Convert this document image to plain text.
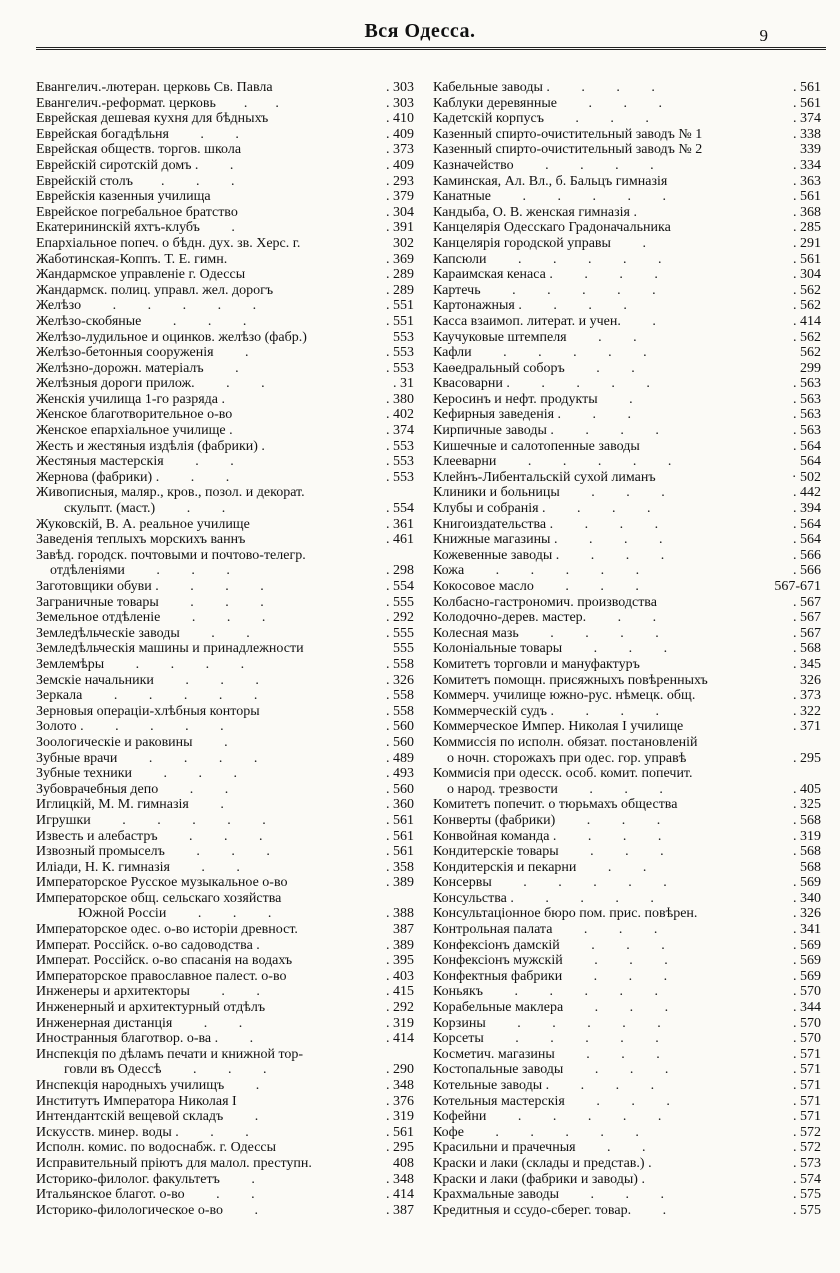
Вся Одесса.	9
Евангелич.-лютеран. церковь Св. Павла	. 303
Евангелич.-реформат. церковь        .        .	. 303
Еврейская дешевая кухня для бѣдныхъ	. 410
Еврейская богадѣльня         .         .	. 409
Еврейская обществ. торгов. школа	. 373
Еврейскій сиротскій домъ .         .	. 409
Еврейскій столъ        .         .         .	. 293
Еврейскія казенныя училища	. 379
Еврейское погребальное братство	. 304
Екатерининскій яхтъ-клубъ         .	. 391
Епархіальное попеч. о бѣдн. дух. зв. Херс. г.	302
Жаботинская-Коппъ. Т. Е. гимн.	. 369
Жандармское управленіе г. Одессы	. 289
Жандармск. полиц. управл. жел. дорогъ	. 289
Желѣзо         .         .         .         .         .	. 551
Желѣзо-скобяные         .         .         .	. 551
Желѣзо-лудильное и оцинков. желѣзо (фабр.)	553
Желѣзо-бетонныя сооруженія         .	. 553
Желѣзно-дорожн. матеріалъ         .	. 553
Желѣзныя дороги прилож.         .         .	. 31
Женскія училища 1-го разряда .	. 380
Женское благотворительное о-во	. 402
Женское епархіальное училище .	. 374
Жесть и жестяныя издѣлія (фабрики) .	. 553
Жестяныя мастерскія         .         .	. 553
Жернова (фабрики) .         .         .	. 553
Живописныя, маляр., кров., позол. и декорат.
скульпт. (маст.)         .         .	. 554
Жуковскій, В. А. реальное училище	. 361
Заведенія теплыхъ морскихъ ваннъ	. 461
Завѣд. городск. почтовыми и почтово-телегр.
отдѣленіями         .         .         .	. 298
Заготовщики обуви .         .         .         .	. 554
Заграничные товары         .         .         .	. 555
Земельное отдѣленіе         .         .         .	. 292
Земледѣльческіе заводы         .         .	. 555
Земледѣльческія машины и принадлежности	555
Землемѣры         .         .         .         .	. 558
Земскіе начальники         .         .         .	. 326
Зеркала         .         .         .         .         .	. 558
Зерновыя операціи-хлѣбныя конторы	. 558
Золото .         .         .         .         .	. 560
Зоологическіе и раковины         .	. 560
Зубные врачи         .         .         .         .	. 489
Зубные техники         .         .         .	. 493
Зубоврачебныя депо         .         .	. 560
Иглицкій, М. М. гимназія         .	. 360
Игрушки         .         .         .         .         .	. 561
Известь и алебастръ         .         .         .	. 561
Извозный промыселъ         .         .         .	. 561
Иліади, Н. К. гимназія         .         .	. 358
Императорское Русское музыкальное о-во	. 389
Императорское общ. сельскаго хозяйства
Южной Россіи         .         .         .	. 388
Императорское одес. о-во исторіи древност.	387
Императ. Россійск. о-во садоводства .	. 389
Императ. Россійск. о-во спасанія на водахъ	. 395
Императорское православное палест. о-во	. 403
Инженеры и архитекторы         .         .	. 415
Инженерный и архитектурный отдѣлъ	. 292
Инженерная дистанція         .         .	. 319
Иностранныя благотвор. о-ва .         .	. 414
Инспекція по дѣламъ печати и книжной тор-
говли въ Одессѣ         .         .         .	. 290
Инспекція народныхъ училищъ         .	. 348
Институтъ Императора Николая І	. 376
Интендантскій вещевой складъ         .	. 319
Искусств. минер. воды .         .         .	. 561
Исполн. комис. по водоснабж. г. Одессы	. 295
Исправительный пріютъ для малол. преступн.	408
Историко-филолог. факультетъ         .	. 348
Итальянское благот. о-во         .         .	. 414
Историко-филологическое о-во         .	. 387
Кабельные заводы .         .         .         .	. 561
Каблуки деревянные         .         .         .	. 561
Кадетскій корпусъ         .         .         .	. 374
Казенный спирто-очистительный заводъ № 1	. 338
Казенный спирто-очистительный заводъ № 2	339
Казначейство         .         .         .         .	. 334
Каминская, Ал. Вл., б. Бальцъ гимназія	. 363
Канатные         .         .         .         .         .	. 561
Кандыба, О. В. женская гимназія .	. 368
Канцелярія Одесскаго Градоначальника	. 285
Канцелярія городской управы         .	. 291
Капсюли         .         .         .         .         .	. 561
Караимская кенаса .         .         .         .	. 304
Картечь         .         .         .         .         .	. 562
Картонажныя .         .         .         .	. 562
Касса взаимоп. литерат. и учен.         .	. 414
Каучуковые штемпеля         .         .	. 562
Кафли         .         .         .         .         .	562
Каѳедральный соборъ         .         .	299
Квасоварни .         .         .         .         .	. 563
Керосинъ и нефт. продукты         .	. 563
Кефирныя заведенія .         .         .	. 563
Кирпичные заводы .         .         .         .	. 563
Кишечные и салотопенные заводы	. 564
Клееварни         .         .         .         .         .	564
Клейнъ-Либентальскій сухой лиманъ	· 502
Клиники и больницы         .         .         .	. 442
Клубы и собранія .         .         .         .	. 394
Книгоиздательства .         .         .         .	. 564
Книжные магазины .         .         .         .	. 564
Кожевенные заводы .         .         .         .	. 566
Кожа         .         .         .         .         .	. 566
Кокосовое масло         .         .         .	567-671
Колбасно-гастрономич. производства	. 567
Колодочно-дерев. мастер.         .         .	. 567
Колесная мазь         .         .         .         .	. 567
Колоніальные товары         .         .         .	. 568
Комитетъ торговли и мануфактуръ	. 345
Комитетъ помощн. присяжныхъ повѣренныхъ	326
Коммерч. училище южно-рус. нѣмецк. общ.	. 373
Коммерческій судъ .         .         .         .	. 322
Коммерческое Импер. Николая І училище	. 371
Коммиссія по исполн. обязат. постановленій
о ночн. сторожахъ при одес. гор. управѣ	. 295
Коммисія при одесск. особ. комит. попечит.
о народ. трезвости         .         .         .	. 405
Комитетъ попечит. о тюрьмахъ общества	. 325
Конверты (фабрики)         .         .         .	. 568
Конвойная команда .         .         .         .	. 319
Кондитерскіе товары         .         .         .	. 568
Кондитерскія и пекарни         .         .	568
Консервы         .         .         .         .         .	. 569
Консульства .         .         .         .         .	. 340
Консультаціонное бюро пом. прис. повѣрен.	. 326
Контрольная палата         .         .         .	. 341
Конфексіонъ дамскій         .         .         .	. 569
Конфексіонъ мужскій         .         .         .	. 569
Конфектныя фабрики         .         .         .	. 569
Коньякъ         .         .         .         .         .	. 570
Корабельные маклера         .         .         .	. 344
Корзины         .         .         .         .         .	. 570
Корсеты         .         .         .         .         .	. 570
Косметич. магазины         .         .         .	. 571
Костопальные заводы         .         .         .	. 571
Котельные заводы .         .         .         .	. 571
Котельныя мастерскія         .         .         .	. 571
Кофейни         .         .         .         .         .	. 571
Кофе         .         .         .         .         .	. 572
Красильни и прачечныя         .         .	. 572
Краски и лаки (склады и представ.) .	. 573
Краски и лаки (фабрики и заводы) .	. 574
Крахмальные заводы         .         .         .	. 575
Кредитныя и ссудо-сберег. товар.         .	. 575
